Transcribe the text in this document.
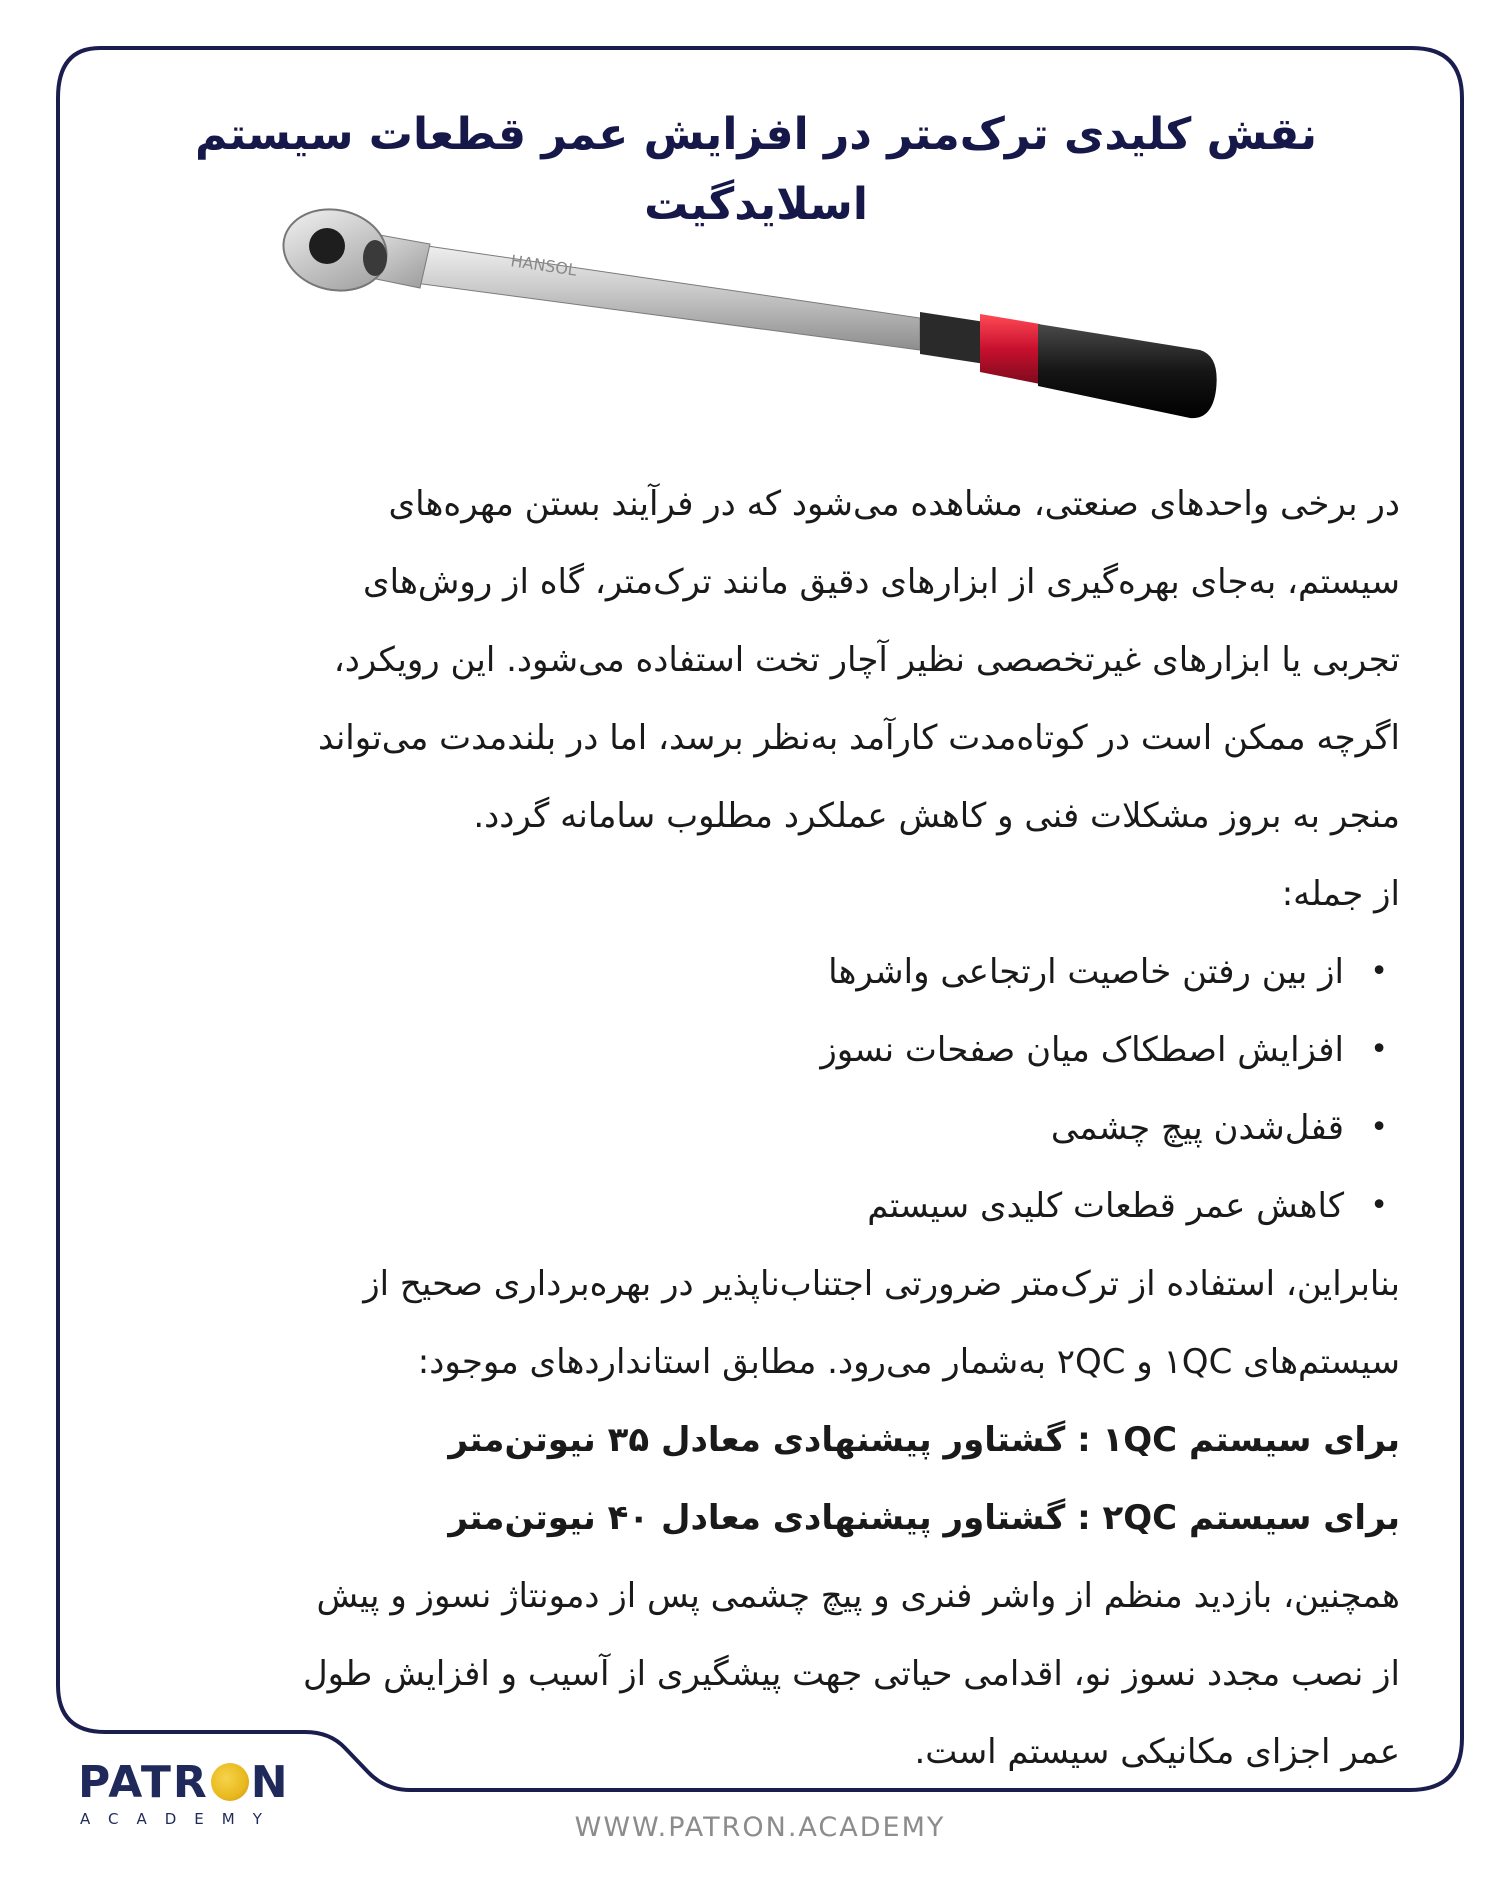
نقش کلیدی ترک‌متر در افزایش عمر قطعات سیستم اسلایدگیت
HANSOL

در برخی واحدهای صنعتی، مشاهده می‌شود که در فرآیند بستن مهره‌های

سیستم، به‌جای بهره‌گیری از ابزارهای دقیق مانند ترک‌متر، گاه از روش‌های

تجربی یا ابزارهای غیرتخصصی نظیر آچار تخت استفاده می‌شود. این رویکرد،

اگرچه ممکن است در کوتاه‌مدت کارآمد به‌نظر برسد، اما در بلندمدت می‌تواند

منجر به بروز مشکلات فنی و کاهش عملکرد مطلوب سامانه گردد.

از جمله:

•
از بین رفتن خاصیت ارتجاعی واشرها
•
افزایش اصطکاک میان صفحات نسوز
•
قفل‌شدن پیچ چشمی
•
کاهش عمر قطعات کلیدی سیستم

بنابراین، استفاده از ترک‌متر ضرورتی اجتناب‌ناپذیر در بهره‌برداری صحیح از

سیستم‌های ۱QC و ۲QC به‌شمار می‌رود. مطابق استانداردهای موجود:

برای سیستم ۱QC : گشتاور پیشنهادی معادل ۳۵ نیوتن‌متر

برای سیستم ۲QC : گشتاور پیشنهادی معادل ۴۰ نیوتن‌متر

همچنین، بازدید منظم از واشر فنری و پیچ چشمی پس از دمونتاژ نسوز و پیش

از نصب مجدد نسوز نو، اقدامی حیاتی جهت پیشگیری از آسیب و افزایش طول

عمر اجزای مکانیکی سیستم است.

PATR N
ACADEMY	WWW.PATRON.ACADEMY
